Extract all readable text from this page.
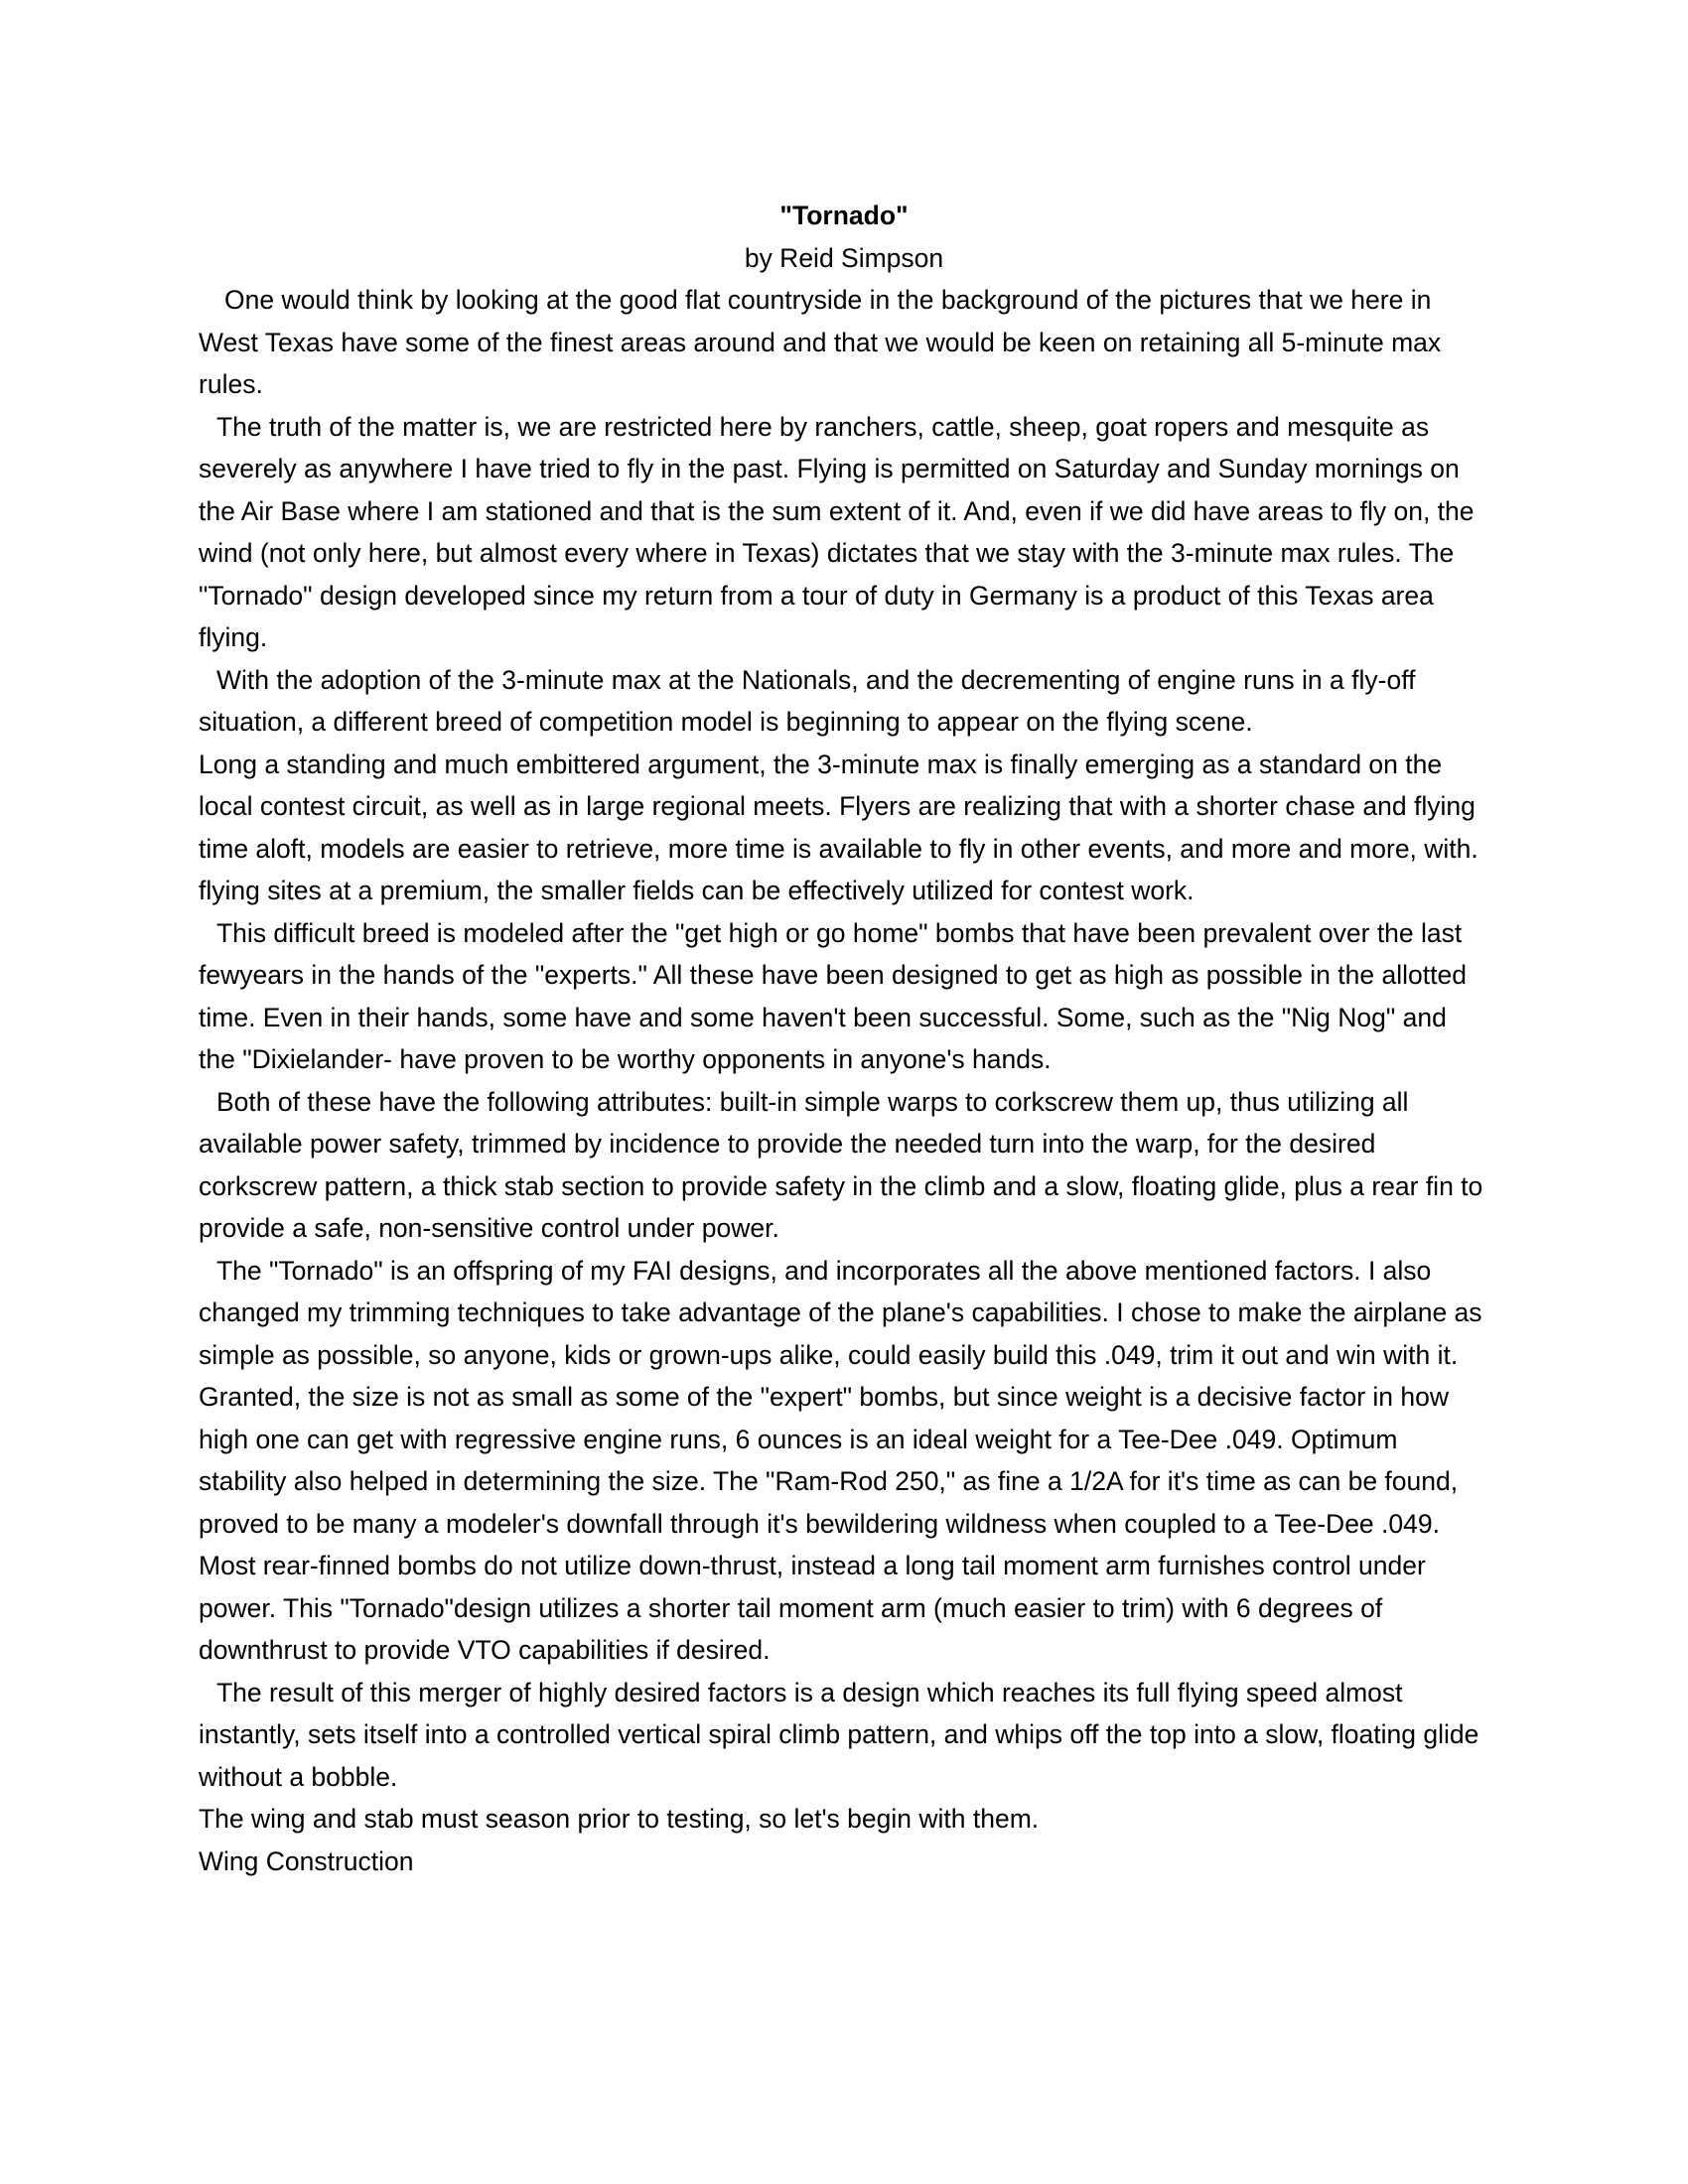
"Tornado"

by Reid Simpson

One would think by looking at the good flat countryside in the background of the pictures that we here in West Texas have some of the finest areas around and that we would be keen on retaining all 5-minute max rules.

The truth of the matter is, we are restricted here by ranchers, cattle, sheep, goat ropers and mesquite as severely as anywhere I have tried to fly in the past. Flying is permitted on Saturday and Sunday mornings on the Air Base where I am stationed and that is the sum extent of it. And, even if we did have areas to fly on, the wind (not only here, but almost every where in Texas) dictates that we stay with the 3-minute max rules. The "Tornado" design developed since my return from a tour of duty in Germany is a product of this Texas area flying.

With the adoption of the 3-minute max at the Nationals, and the decrementing of engine runs in a fly-off situation, a different breed of competition model is beginning to appear on the flying scene.

Long a standing and much embittered argument, the 3-minute max is finally emerging as a standard on the local contest circuit, as well as in large regional meets. Flyers are realizing that with a shorter chase and flying time aloft, models are easier to retrieve, more time is available to fly in other events, and more and more, with. flying sites at a premium, the smaller fields can be effectively utilized for contest work.

This difficult breed is modeled after the "get high or go home" bombs that have been prevalent over the last fewyears in the hands of the "experts." All these have been designed to get as high as possible in the allotted time. Even in their hands, some have and some haven't been successful. Some, such as the "Nig Nog" and the "Dixielander- have proven to be worthy opponents in anyone's hands.

Both of these have the following attributes: built-in simple warps to corkscrew them up, thus utilizing all available power safety, trimmed by incidence to provide the needed turn into the warp, for the desired corkscrew pattern, a thick stab section to provide safety in the climb and a slow, floating glide, plus a rear fin to provide a safe, non-sensitive control under power.

The "Tornado" is an offspring of my FAI designs, and incorporates all the above mentioned factors. I also changed my trimming techniques to take advantage of the plane's capabilities. I chose to make the airplane as simple as possible, so anyone, kids or grown-ups alike, could easily build this .049, trim it out and win with it. Granted, the size is not as small as some of the "expert" bombs, but since weight is a decisive factor in how high one can get with regressive engine runs, 6 ounces is an ideal weight for a Tee-Dee .049. Optimum stability also helped in determining the size. The "Ram-Rod 250," as fine a 1/2A for it's time as can be found, proved to be many a modeler's downfall through it's bewildering wildness when coupled to a Tee-Dee .049. Most rear-finned bombs do not utilize down-thrust, instead a long tail moment arm furnishes control under power. This "Tornado"design utilizes a shorter tail moment arm (much easier to trim) with 6 degrees of downthrust to provide VTO capabilities if desired.

The result of this merger of highly desired factors is a design which reaches its full flying speed almost instantly, sets itself into a controlled vertical spiral climb pattern, and whips off the top into a slow, floating glide without a bobble.

The wing and stab must season prior to testing, so let's begin with them.

Wing Construction
